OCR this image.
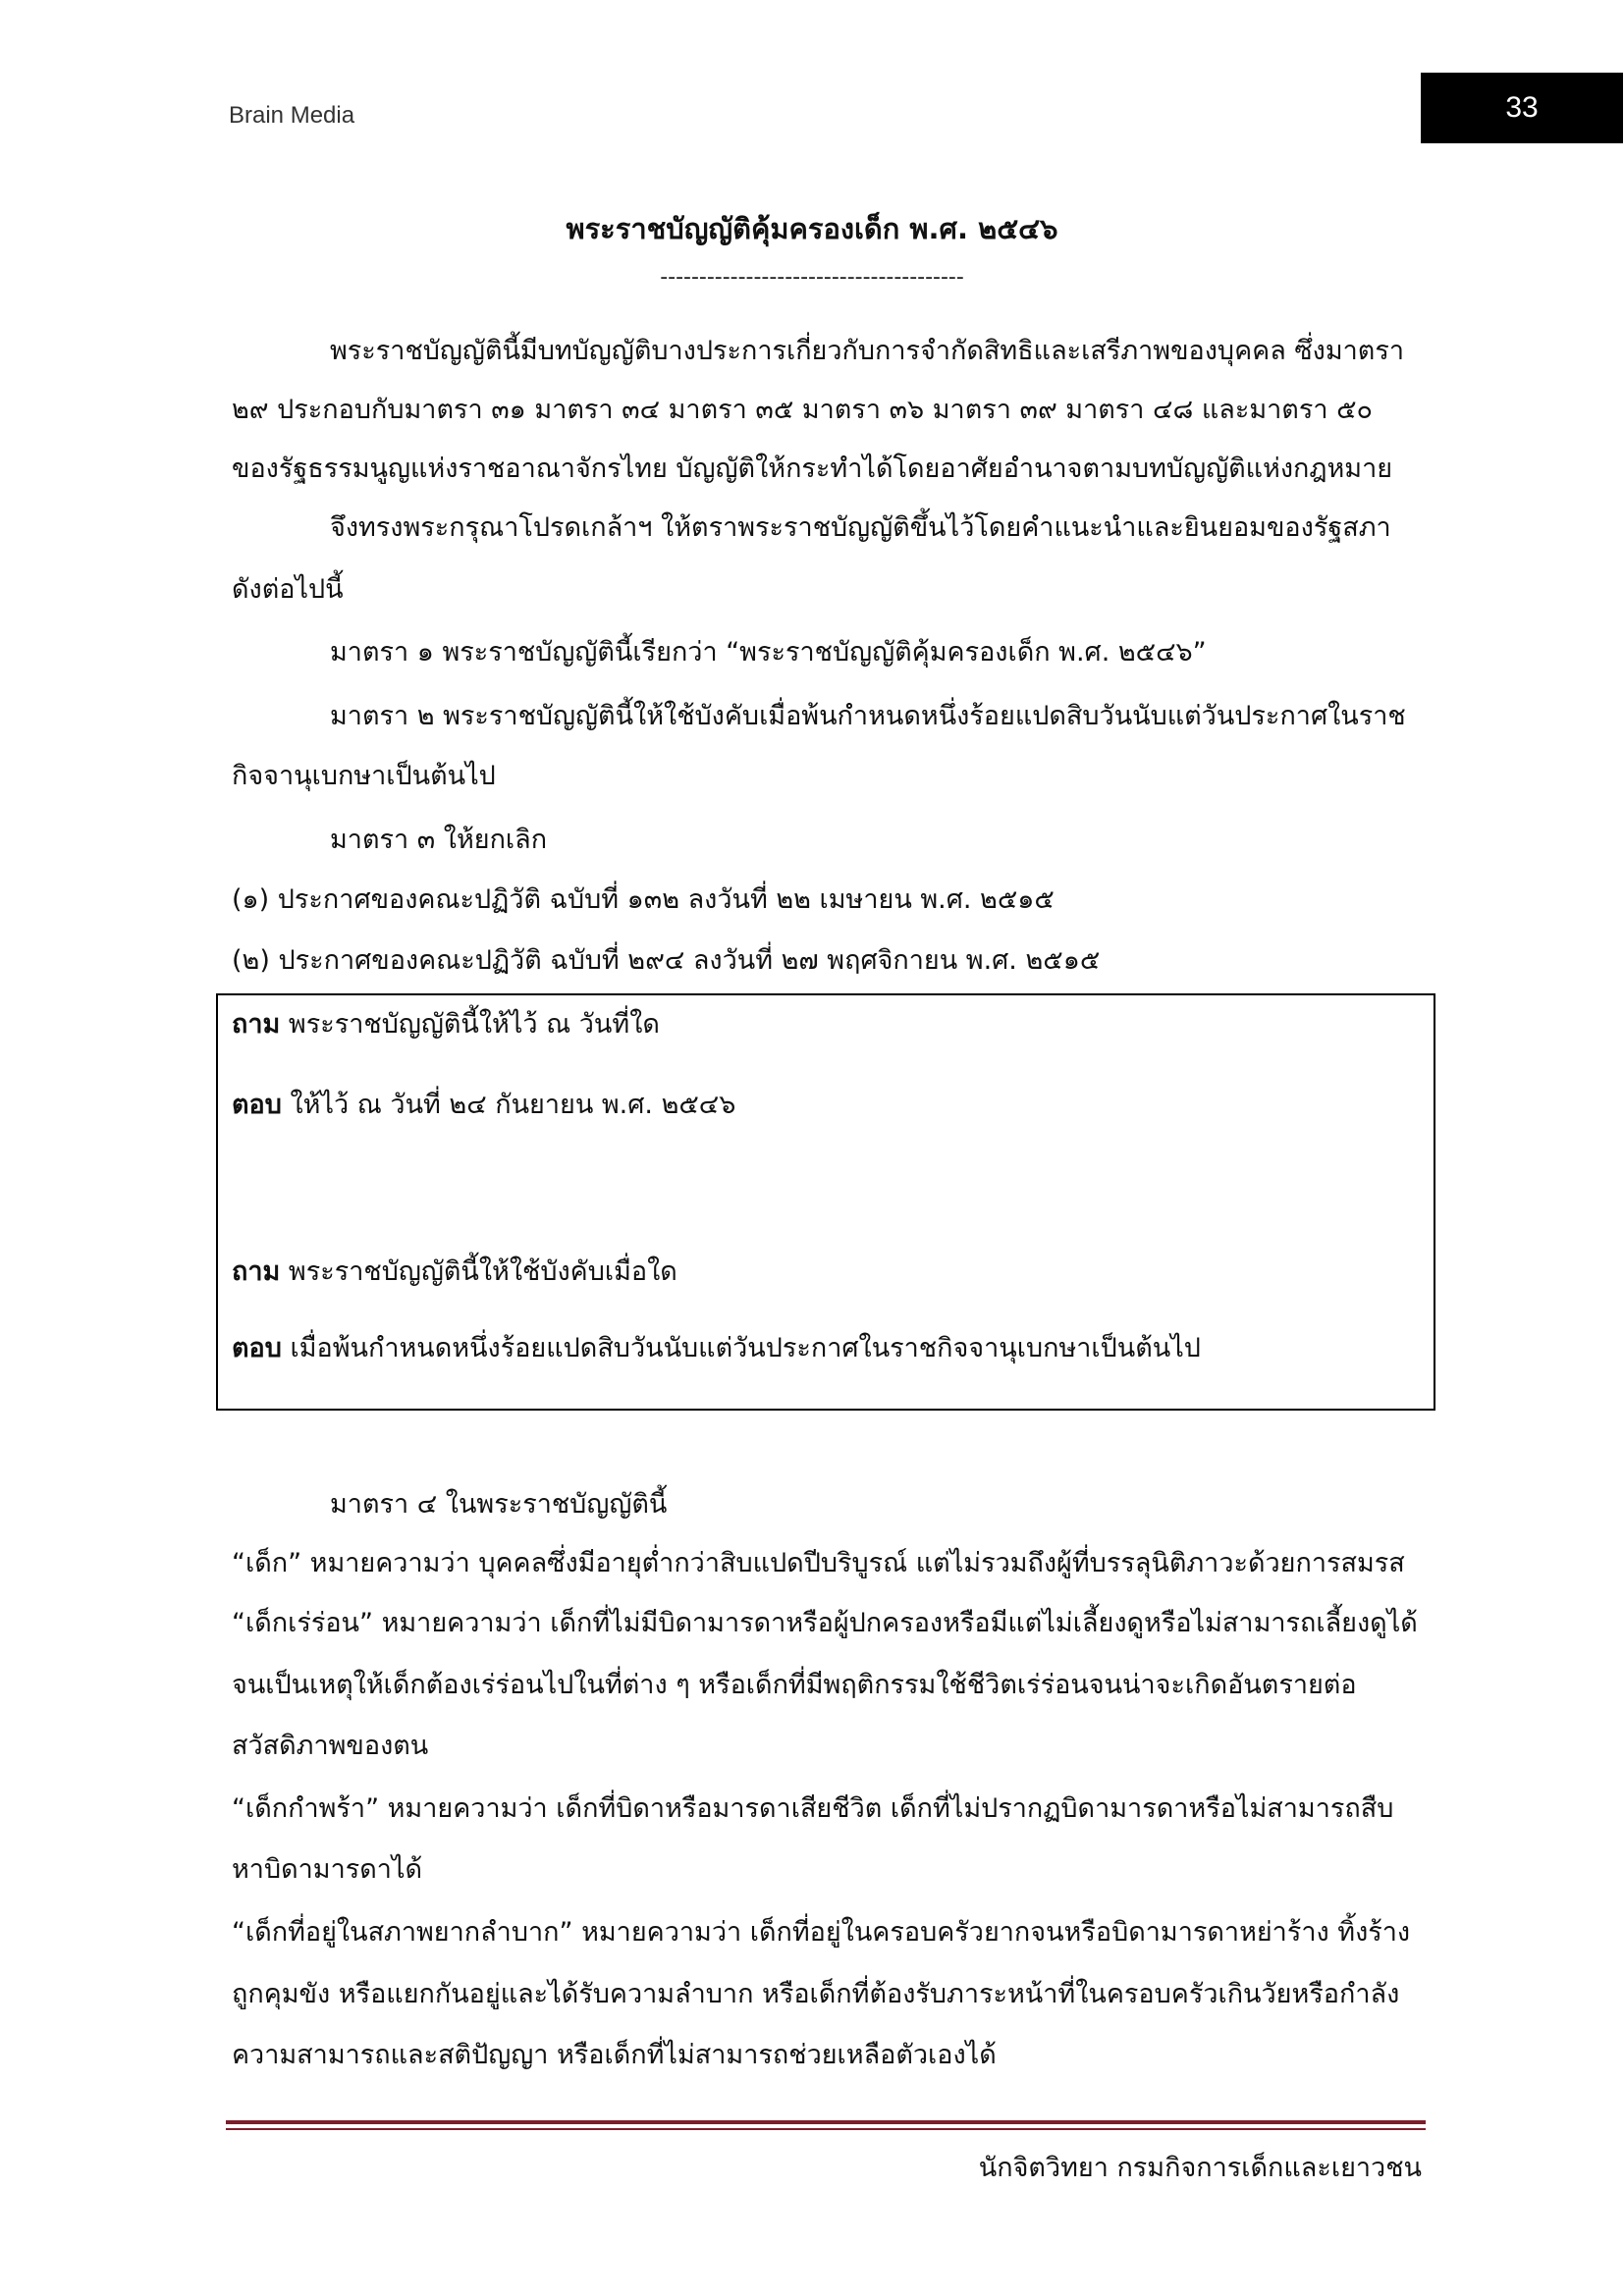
Brain Media	33
พระราชบัญญัติคุ้มครองเด็ก พ.ศ. ๒๕๔๖
---------------------------------------
พระราชบัญญัตินี้มีบทบัญญัติบางประการเกี่ยวกับการจำกัดสิทธิและเสรีภาพของบุคคล ซึ่งมาตรา
๒๙ ประกอบกับมาตรา ๓๑ มาตรา ๓๔ มาตรา ๓๕ มาตรา ๓๖ มาตรา ๓๙ มาตรา ๔๘ และมาตรา ๕๐
ของรัฐธรรมนูญแห่งราชอาณาจักรไทย บัญญัติให้กระทำได้โดยอาศัยอำนาจตามบทบัญญัติแห่งกฎหมาย
จึงทรงพระกรุณาโปรดเกล้าฯ ให้ตราพระราชบัญญัติขึ้นไว้โดยคำแนะนำและยินยอมของรัฐสภา
ดังต่อไปนี้
มาตรา ๑ พระราชบัญญัตินี้เรียกว่า “พระราชบัญญัติคุ้มครองเด็ก พ.ศ. ๒๕๔๖”
มาตรา ๒ พระราชบัญญัตินี้ให้ใช้บังคับเมื่อพ้นกำหนดหนึ่งร้อยแปดสิบวันนับแต่วันประกาศในราช
กิจจานุเบกษาเป็นต้นไป
มาตรา ๓ ให้ยกเลิก
(๑) ประกาศของคณะปฏิวัติ ฉบับที่ ๑๓๒ ลงวันที่ ๒๒ เมษายน พ.ศ. ๒๕๑๕
(๒) ประกาศของคณะปฏิวัติ ฉบับที่ ๒๙๔ ลงวันที่ ๒๗ พฤศจิกายน พ.ศ. ๒๕๑๕
ถาม พระราชบัญญัตินี้ให้ไว้ ณ วันที่ใด
ตอบ ให้ไว้ ณ วันที่ ๒๔ กันยายน พ.ศ. ๒๕๔๖
ถาม พระราชบัญญัตินี้ให้ใช้บังคับเมื่อใด
ตอบ เมื่อพ้นกำหนดหนึ่งร้อยแปดสิบวันนับแต่วันประกาศในราชกิจจานุเบกษาเป็นต้นไป
มาตรา ๔ ในพระราชบัญญัตินี้
“เด็ก” หมายความว่า บุคคลซึ่งมีอายุต่ำกว่าสิบแปดปีบริบูรณ์ แต่ไม่รวมถึงผู้ที่บรรลุนิติภาวะด้วยการสมรส
“เด็กเร่ร่อน” หมายความว่า เด็กที่ไม่มีบิดามารดาหรือผู้ปกครองหรือมีแต่ไม่เลี้ยงดูหรือไม่สามารถเลี้ยงดูได้
จนเป็นเหตุให้เด็กต้องเร่ร่อนไปในที่ต่าง ๆ หรือเด็กที่มีพฤติกรรมใช้ชีวิตเร่ร่อนจนน่าจะเกิดอันตรายต่อ
สวัสดิภาพของตน
“เด็กกำพร้า” หมายความว่า เด็กที่บิดาหรือมารดาเสียชีวิต เด็กที่ไม่ปรากฏบิดามารดาหรือไม่สามารถสืบ
หาบิดามารดาได้
“เด็กที่อยู่ในสภาพยากลำบาก” หมายความว่า เด็กที่อยู่ในครอบครัวยากจนหรือบิดามารดาหย่าร้าง ทิ้งร้าง
ถูกคุมขัง หรือแยกกันอยู่และได้รับความลำบาก หรือเด็กที่ต้องรับภาระหน้าที่ในครอบครัวเกินวัยหรือกำลัง
ความสามารถและสติปัญญา หรือเด็กที่ไม่สามารถช่วยเหลือตัวเองได้
นักจิตวิทยา กรมกิจการเด็กและเยาวชน
